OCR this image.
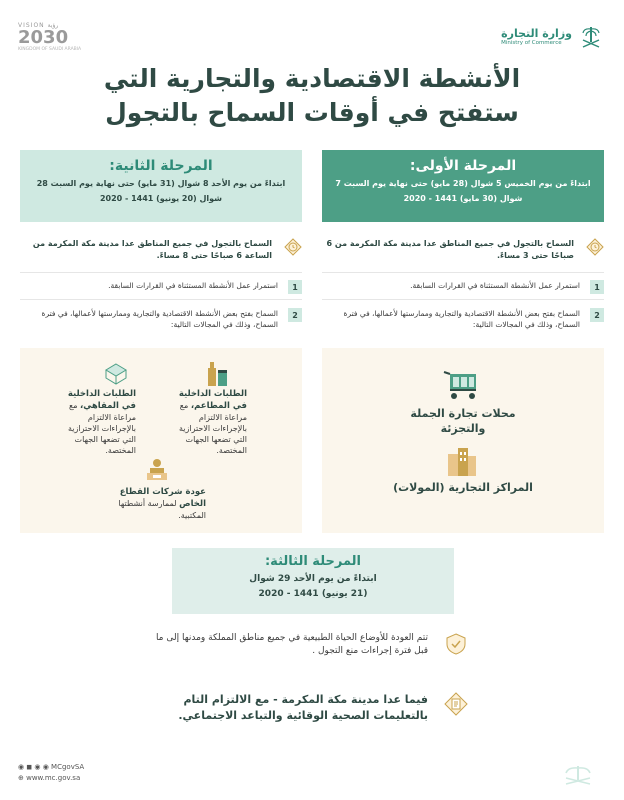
وزارة التجارة
Ministry of Commerce
VISION رؤية
2030
KINGDOM OF SAUDI ARABIA
الأنشطة الاقتصادية والتجارية التي
ستفتح في أوقات السماح بالتجول
المرحلة الأولى:
ابتداءً من يوم الخميس 5 شوال (28 مايو) حتى نهاية يوم السبت 7 شوال (30 مايو) 1441 - 2020
المرحلة الثانية:
ابتداءً من يوم الأحد 8 شوال (31 مايو) حتى نهاية يوم السبت 28 شوال (20 يونيو) 1441 - 2020
السماح بالتجول في جميع المناطق عدا مدينة مكة المكرمة من 6 صباحًا حتى 3 مساءً.
1
استمرار عمل الأنشطة المستثناة في القرارات السابقة.
2
السماح بفتح بعض الأنشطة الاقتصادية والتجارية وممارستها لأعمالها، في فترة السماح، وذلك في المجالات التالية:
السماح بالتجول في جميع المناطق عدا مدينة مكة المكرمة من الساعة 6 صباحًا حتى 8 مساءً.
1
استمرار عمل الأنشطة المستثناة في القرارات السابقة.
2
السماح بفتح بعض الأنشطة الاقتصادية والتجارية وممارستها لأعمالها، في فترة السماح، وذلك في المجالات التالية:
محلات تجارة الجملة والتجزئة
المراكز التجارية (المولات)
الطلبات الداخلية في المطاعم، مع مراعاة الالتزام بالإجراءات الاحترازية التي تضعها الجهات المختصة.
الطلبات الداخلية في المقاهي، مع مراعاة الالتزام بالإجراءات الاحترازية التي تضعها الجهات المختصة.
عودة شركات القطاع الخاص لممارسة أنشطتها المكتبية.
المرحلة الثالثة:
ابتداءً من يوم الأحد 29 شوال
(21 يونيو) 1441 - 2020
تتم العودة للأوضاع الحياة الطبيعية في جميع مناطق المملكة ومدنها إلى ما قبل فترة إجراءات منع التجول .
فيما عدا مدينة مكة المكرمة - مع الالتزام التام بالتعليمات الصحية الوقائية والتباعد الاجتماعي.
◉ ◼ ◉ ◉ MCgovSA
⊕ www.mc.gov.sa
